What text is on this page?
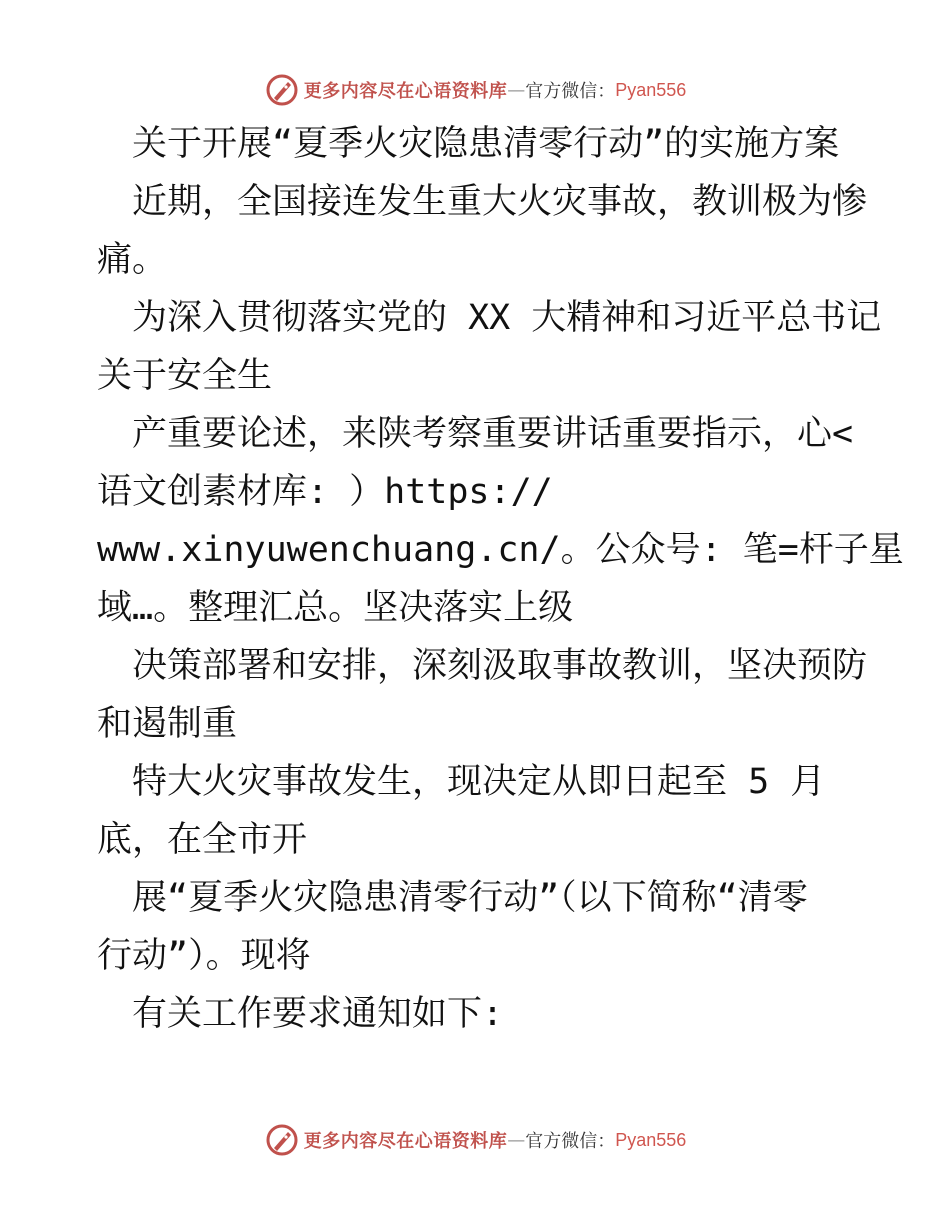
更多内容尽在心语资料库 — 官方微信： Pyan556
　关于开展“夏季火灾隐患清零行动”的实施方案
　近期，全国接连发生重大火灾事故，教训极为惨
痛。
　为深入贯彻落实党的 XX 大精神和习近平总书记
关于安全生
　产重要论述，来陕考察重要讲话重要指示，心<
语文创素材库: ）https://
www.xinyuwenchuang.cn/。公众号: 笔=杆子星
域…。整理汇总。坚决落实上级
　决策部署和安排，深刻汲取事故教训，坚决预防
和遏制重
　特大火灾事故发生，现决定从即日起至 5 月
底，在全市开
　展“夏季火灾隐患清零行动”（以下简称“清零
行动”）。现将
　有关工作要求通知如下:
更多内容尽在心语资料库 — 官方微信： Pyan556
